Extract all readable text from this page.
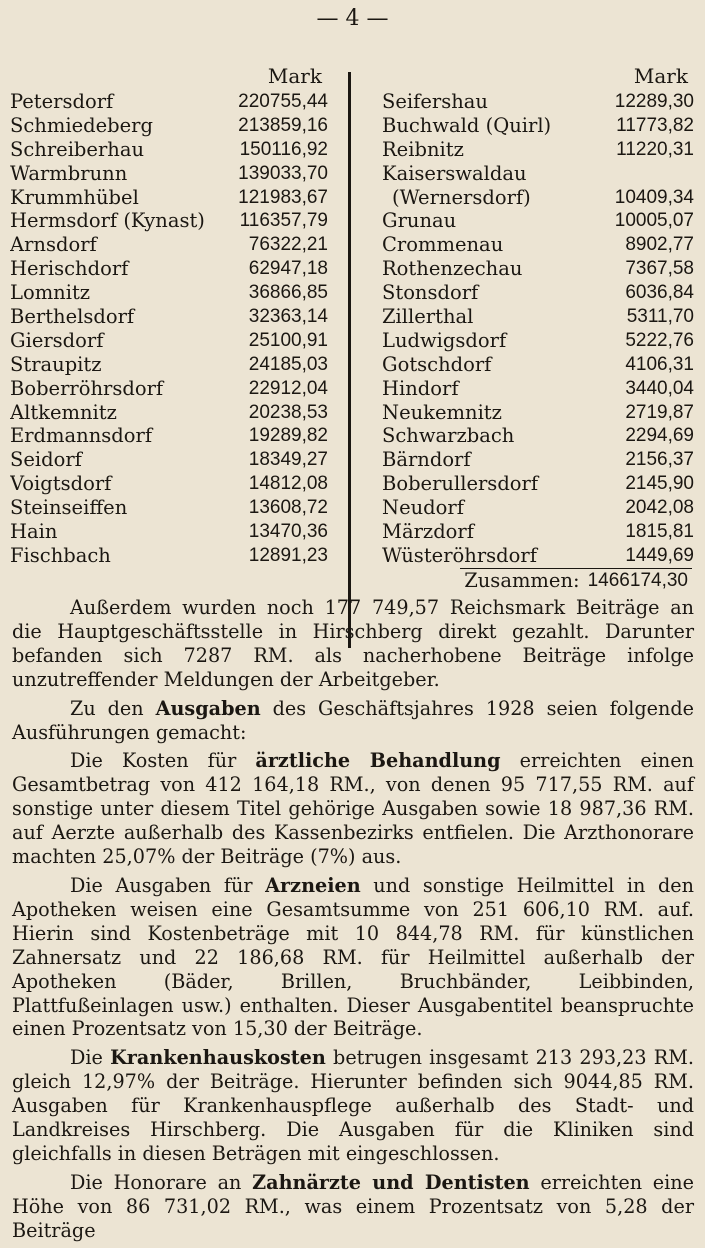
— 4 —
Mark
Petersdorf	220755,44
Schmiedeberg	213859,16
Schreiberhau	150116,92
Warmbrunn	139033,70
Krummhübel	121983,67
Hermsdorf (Kynast)	116357,79
Arnsdorf	76322,21
Herischdorf	62947,18
Lomnitz	36866,85
Berthelsdorf	32363,14
Giersdorf	25100,91
Straupitz	24185,03
Boberröhrsdorf	22912,04
Altkemnitz	20238,53
Erdmannsdorf	19289,82
Seidorf	18349,27
Voigtsdorf	14812,08
Steinseiffen	13608,72
Hain	13470,36
Fischbach	12891,23
Mark
Seifershau	12289,30
Buchwald (Quirl)	11773,82
Reibnitz	11220,31
Kaiserswaldau
(Wernersdorf)	10409,34
Grunau	10005,07
Crommenau	8902,77
Rothenzechau	7367,58
Stonsdorf	6036,84
Zillerthal	5311,70
Ludwigsdorf	5222,76
Gotschdorf	4106,31
Hindorf	3440,04
Neukemnitz	2719,87
Schwarzbach	2294,69
Bärndorf	2156,37
Boberullersdorf	2145,90
Neudorf	2042,08
Märzdorf	1815,81
Wüsteröhrsdorf	1449,69
Zusammen: 1466174,30

Außerdem wurden noch 177 749,57 Reichsmark Beiträge an die Hauptgeschäftsstelle in Hirschberg direkt gezahlt. Darunter befanden sich 7287 RM. als nacherhobene Beiträge infolge unzutreffender Meldungen der Arbeitgeber.

Zu den Ausgaben des Geschäftsjahres 1928 seien folgende Ausführungen gemacht:

Die Kosten für ärztliche Behandlung erreichten einen Gesamtbetrag von 412 164,18 RM., von denen 95 717,55 RM. auf sonstige unter diesem Titel gehörige Ausgaben sowie 18 987,36 RM. auf Aerzte außerhalb des Kassenbezirks entfielen. Die Arzthonorare machten 25,07% der Beiträge (7%) aus.

Die Ausgaben für Arzneien und sonstige Heilmittel in den Apotheken weisen eine Gesamtsumme von 251 606,10 RM. auf. Hierin sind Kostenbeträge mit 10 844,78 RM. für künstlichen Zahnersatz und 22 186,68 RM. für Heilmittel außerhalb der Apotheken (Bäder, Brillen, Bruchbänder, Leibbinden, Plattfußeinlagen usw.) enthalten. Dieser Ausgabentitel beanspruchte einen Prozentsatz von 15,30 der Beiträge.

Die Krankenhauskosten betrugen insgesamt 213 293,23 RM. gleich 12,97% der Beiträge. Hierunter befinden sich 9044,85 RM. Ausgaben für Krankenhauspflege außerhalb des Stadt- und Landkreises Hirschberg. Die Ausgaben für die Kliniken sind gleichfalls in diesen Beträgen mit eingeschlossen.

Die Honorare an Zahnärzte und Dentisten erreichten eine Höhe von 86 731,02 RM., was einem Prozentsatz von 5,28 der Beiträge
